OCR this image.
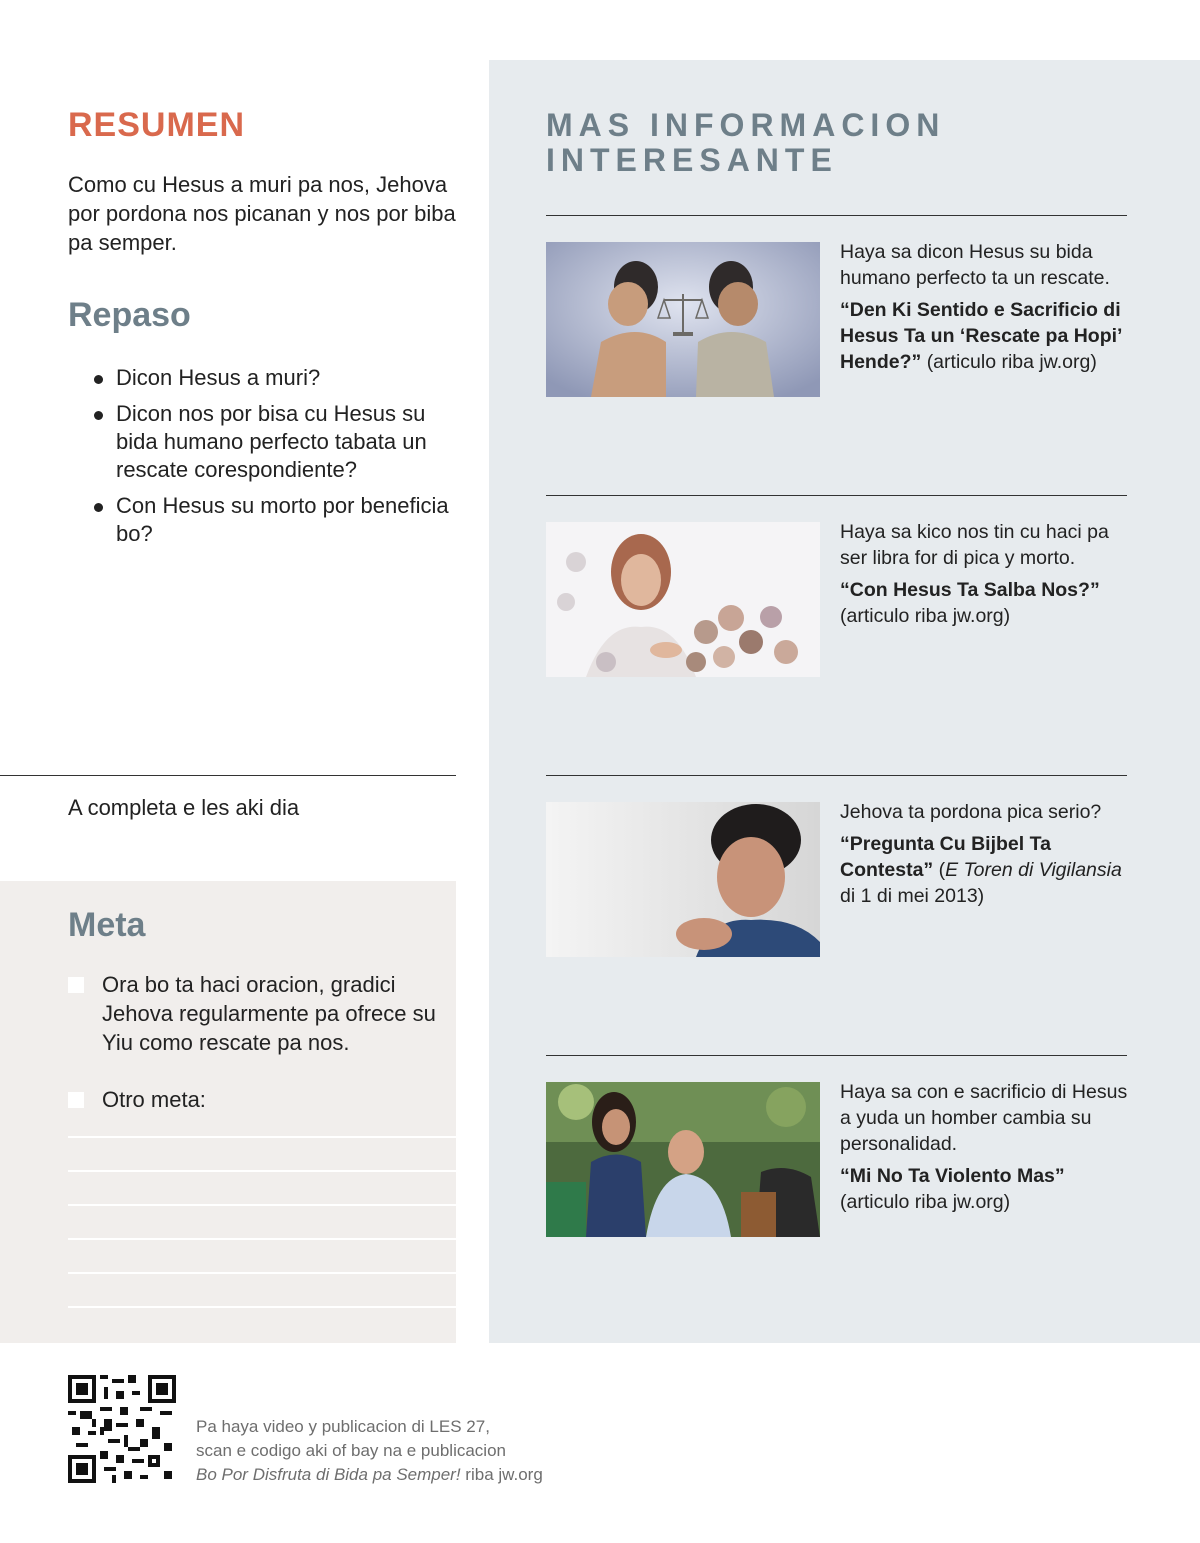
RESUMEN

Como cu Hesus a muri pa nos, Jehova por pordona nos picanan y nos por biba pa semper.

Repaso
Dicon Hesus a muri?
Dicon nos por bisa cu Hesus su bida humano perfecto tabata un rescate corespondiente?
Con Hesus su morto por beneficia bo?

A completa e les aki dia

Meta
Ora bo ta haci oracion, gradici Jehova regularmente pa ofrece su Yiu como rescate pa nos.
Otro meta:
MAS INFORMACION INTERESANTE

Haya sa dicon Hesus su bida humano perfecto ta un rescate.

“Den Ki Sentido e Sacrificio di Hesus Ta un ‘Rescate pa Hopi’ Hende?” (articulo riba jw.org)

Haya sa kico nos tin cu haci pa ser libra for di pica y morto.

“Con Hesus Ta Salba Nos?”
(articulo riba jw.org)

Jehova ta pordona pica serio?

“Pregunta Cu Bijbel Ta Contesta” (E Toren di Vigilansia
di 1 di mei 2013)

Haya sa con e sacrificio di Hesus a yuda un homber cambia su personalidad.

“Mi No Ta Violento Mas”
(articulo riba jw.org)

Pa haya video y publicacion di LES 27,
scan e codigo aki of bay na e publicacion
Bo Por Disfruta di Bida pa Semper! riba jw.org
